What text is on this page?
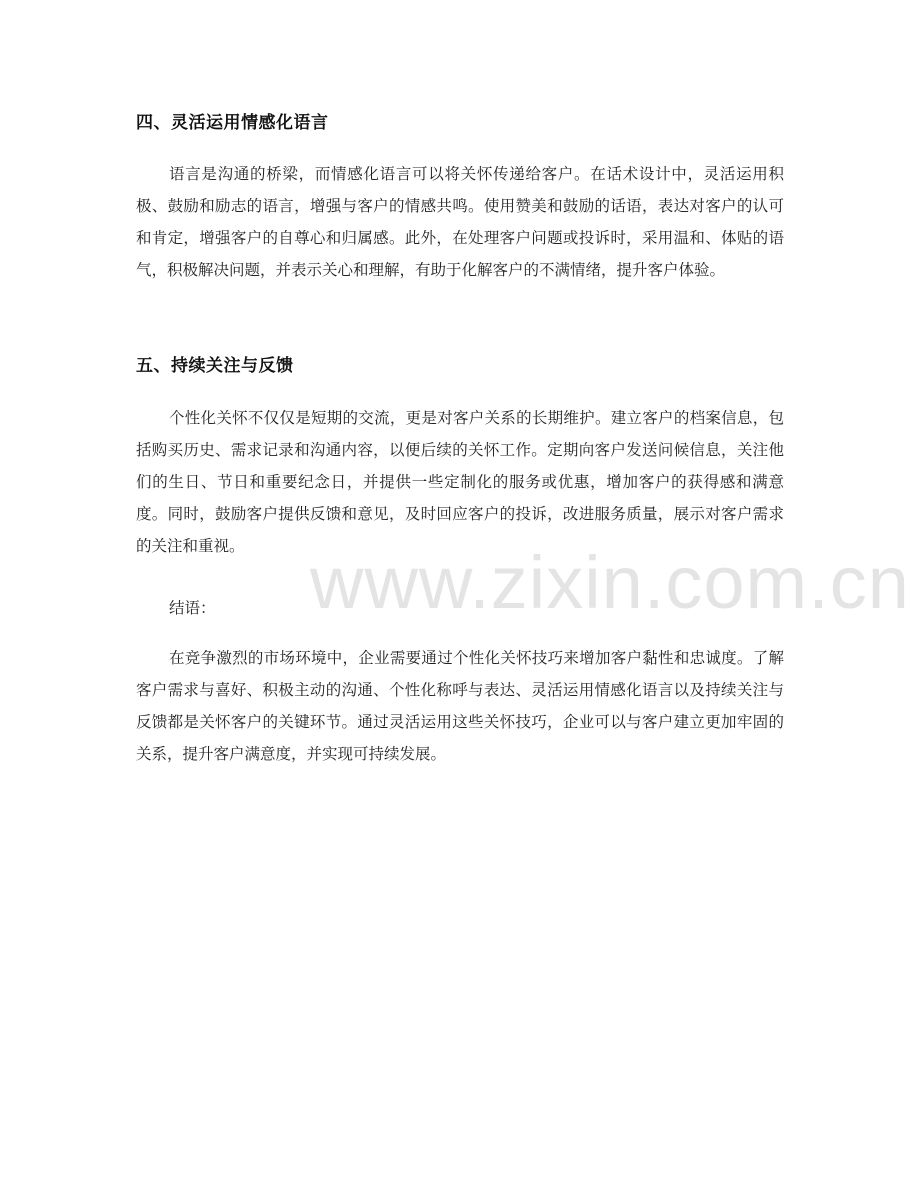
www.zixin.com.cn
四、灵活运用情感化语言
语言是沟通的桥梁，而情感化语言可以将关怀传递给客户。在话术设计中，灵活运用积极、鼓励和励志的语言，增强与客户的情感共鸣。使用赞美和鼓励的话语，表达对客户的认可和肯定，增强客户的自尊心和归属感。此外，在处理客户问题或投诉时，采用温和、体贴的语气，积极解决问题，并表示关心和理解，有助于化解客户的不满情绪，提升客户体验。
五、持续关注与反馈
个性化关怀不仅仅是短期的交流，更是对客户关系的长期维护。建立客户的档案信息，包括购买历史、需求记录和沟通内容，以便后续的关怀工作。定期向客户发送问候信息，关注他们的生日、节日和重要纪念日，并提供一些定制化的服务或优惠，增加客户的获得感和满意度。同时，鼓励客户提供反馈和意见，及时回应客户的投诉，改进服务质量，展示对客户需求的关注和重视。
结语：
在竞争激烈的市场环境中，企业需要通过个性化关怀技巧来增加客户黏性和忠诚度。了解客户需求与喜好、积极主动的沟通、个性化称呼与表达、灵活运用情感化语言以及持续关注与反馈都是关怀客户的关键环节。通过灵活运用这些关怀技巧，企业可以与客户建立更加牢固的关系，提升客户满意度，并实现可持续发展。
